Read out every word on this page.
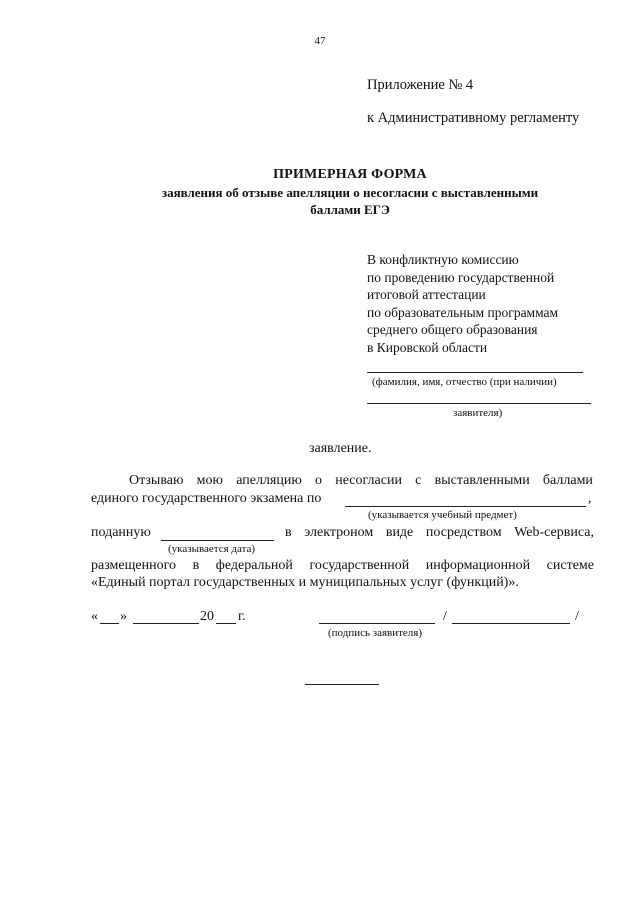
47
Приложение № 4
к Административному регламенту
ПРИМЕРНАЯ ФОРМА
заявления об отзыве апелляции о несогласии с выставленными
баллами ЕГЭ
В конфликтную комиссию
по проведению государственной
итоговой аттестации
по образовательным программам
среднего общего образования
в Кировской области
(фамилия, имя, отчество (при наличии)
заявителя)
заявление.
Отзываю мою апелляцию о несогласии с выставленными баллами
единого государственного экзамена по	,
(указывается учебный предмет)
поданную	в электроном виде посредством Web-сервиса,
(указывается дата)
размещенного в федеральной государственной информационной системе
«Единый портал государственных и муниципальных услуг (функций)».
« »	20 г.	/	/
(подпись заявителя)
